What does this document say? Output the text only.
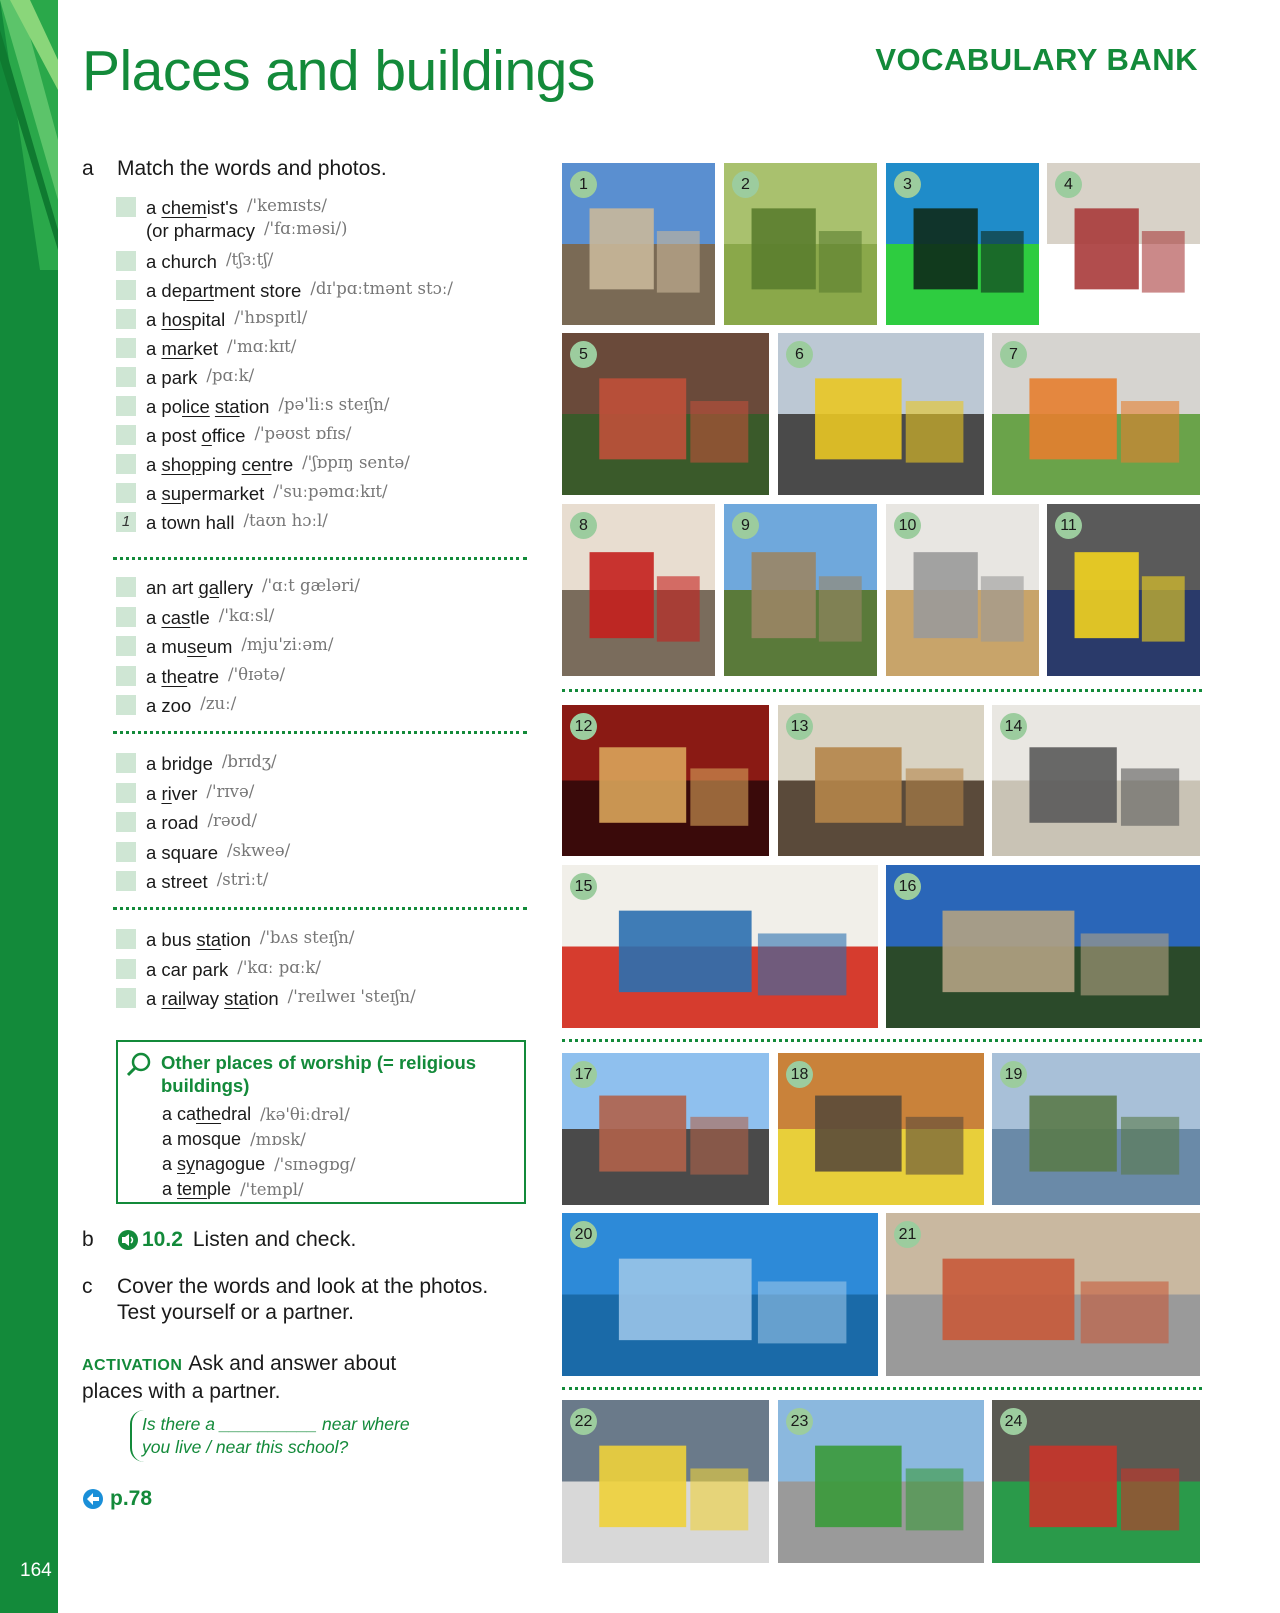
164
Places and buildings	VOCABULARY BANK
a Match the words and photos.
a chemist's /'kemɪsts/
(or pharmacy /'fɑːməsi/)
a church /tʃɜːtʃ/
a department store /dɪ'pɑːtmənt stɔː/
a hospital /'hɒspɪtl/
a market /'mɑːkɪt/
a park /pɑːk/
a police station /pə'liːs steɪʃn/
a post office /'pəʊst ɒfɪs/
a shopping centre /'ʃɒpɪŋ sentə/
a supermarket /'suːpəmɑːkɪt/
1 a town hall /taʊn hɔːl/
an art gallery /'ɑːt gæləri/
a castle /'kɑːsl/
a museum /mju'ziːəm/
a theatre /'θɪətə/
a zoo /zuː/
a bridge /brɪdʒ/
a river /'rɪvə/
a road /rəʊd/
a square /skweə/
a street /striːt/
a bus station /'bʌs steɪʃn/
a car park /'kɑː pɑːk/
a railway station /'reɪlweɪ 'steɪʃn/
Other places of worship (= religious buildings)
a cathedral /kə'θiːdrəl/
a mosque /mɒsk/
a synagogue /'sɪnəgɒg/
a temple /'templ/
b 10.2 Listen and check.
c Cover the words and look at the photos.
Test yourself or a partner.
ACTIVATION Ask and answer about
places with a partner.
Is there a __________ near where
you live / near this school?
p.78
1	2	3	4
5	6	7
8	9	10	11
12	13	14
15	16
17	18	19
20	21
22	23	24
